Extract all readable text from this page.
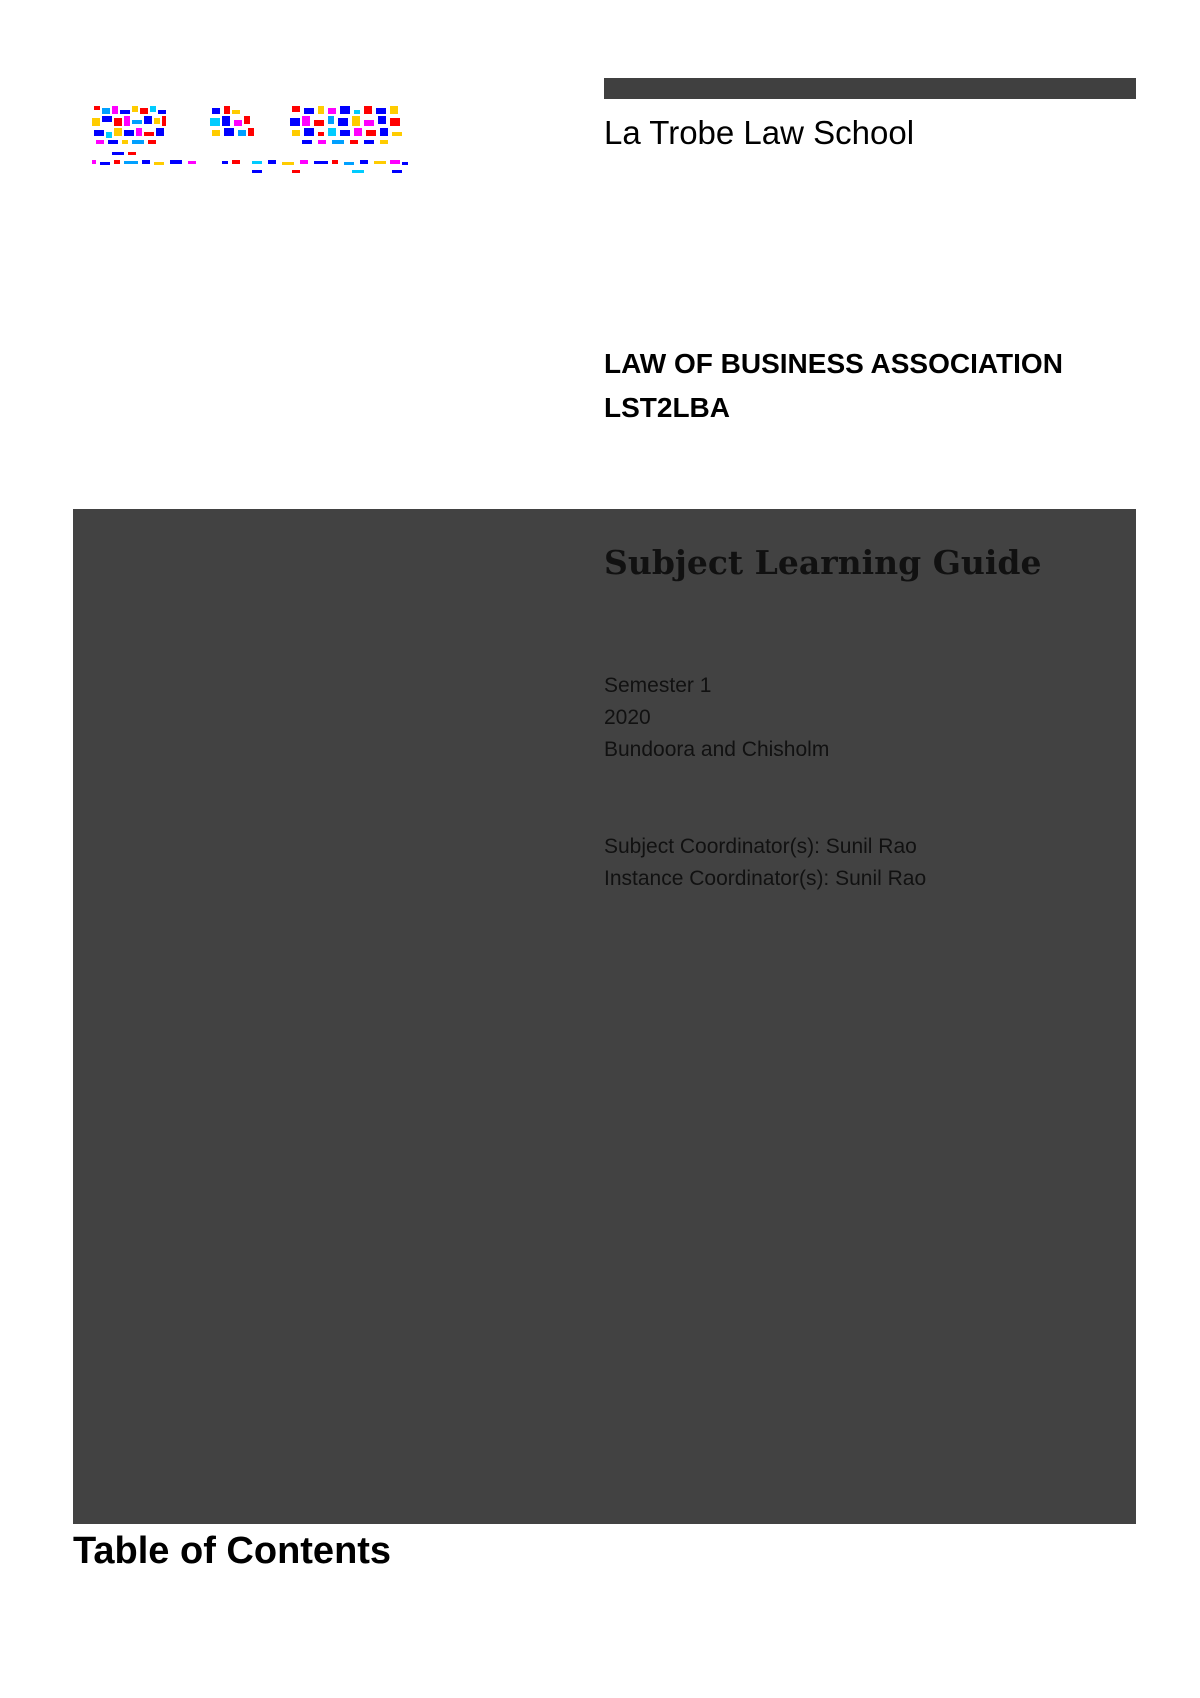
La Trobe Law School
LAW OF BUSINESS ASSOCIATION
LST2LBA
Subject Learning Guide
Semester 1
2020
Bundoora and Chisholm
Subject Coordinator(s): Sunil Rao
Instance Coordinator(s): Sunil Rao
Table of Contents
